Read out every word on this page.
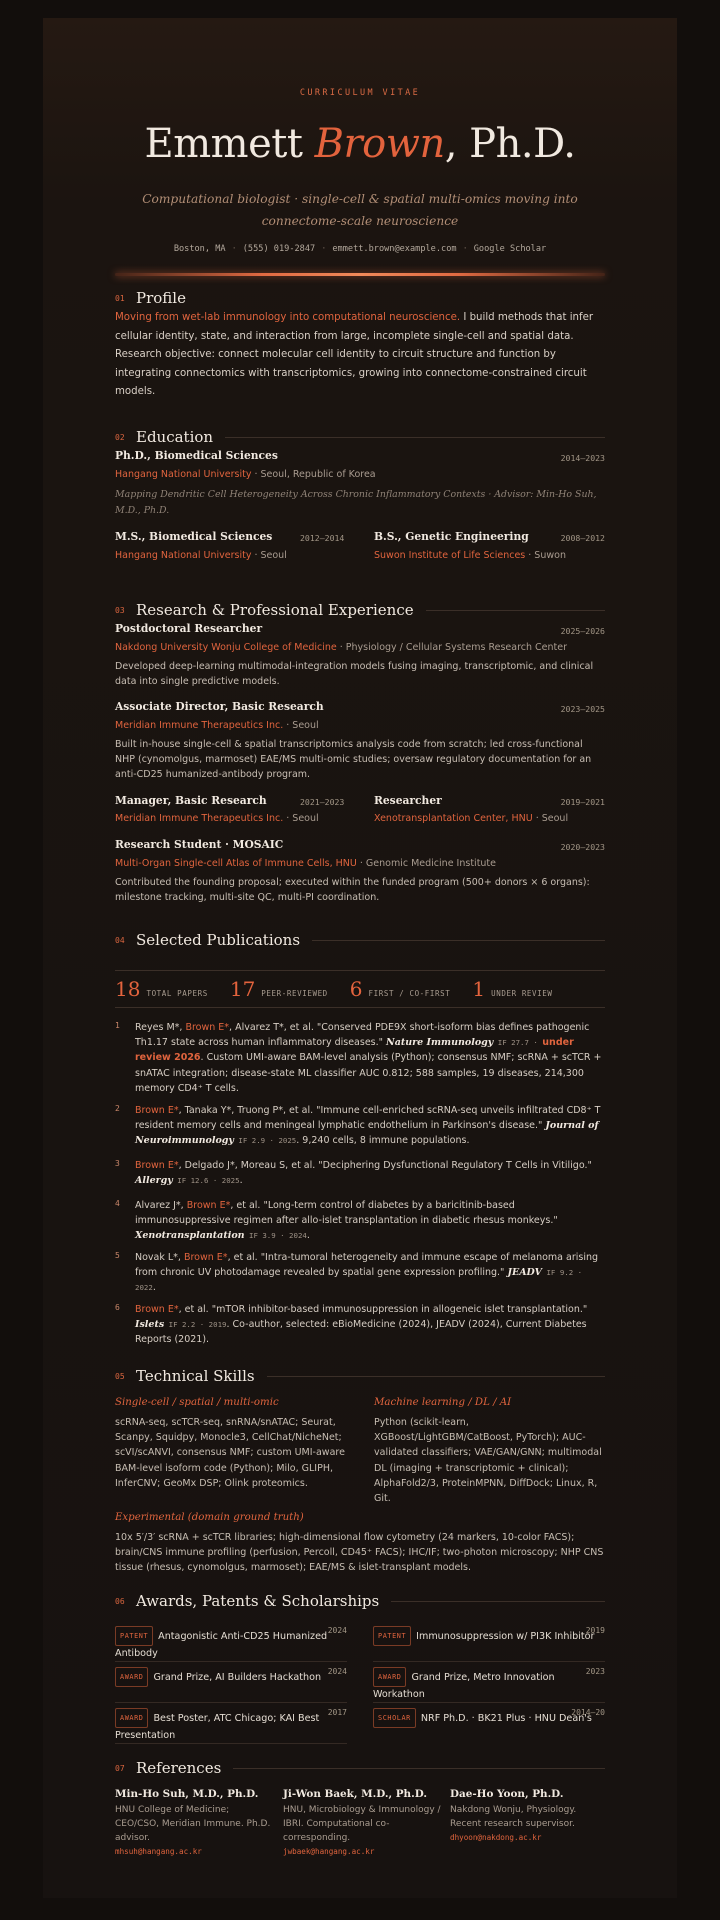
CURRICULUM VITAE
Emmett Brown, Ph.D.
Computational biologist · single-cell & spatial multi-omics moving into connectome-scale neuroscience
Boston, MA · (555) 019-2847 · emmett.brown@example.com · Google Scholar
01 Profile
Moving from wet-lab immunology into computational neuroscience. I build methods that infer cellular identity, state, and interaction from large, incomplete single-cell and spatial data. Research objective: connect molecular cell identity to circuit structure and function by integrating connectomics with transcriptomics, growing into connectome-constrained circuit models.
02 Education
Ph.D., Biomedical Sciences	2014–2023
Hangang National University · Seoul, Republic of Korea
Mapping Dendritic Cell Heterogeneity Across Chronic Inflammatory Contexts · Advisor: Min-Ho Suh, M.D., Ph.D.
M.S., Biomedical Sciences	2012–2014
Hangang National University · Seoul
B.S., Genetic Engineering	2008–2012
Suwon Institute of Life Sciences · Suwon
03 Research & Professional Experience
Postdoctoral Researcher	2025–2026
Nakdong University Wonju College of Medicine · Physiology / Cellular Systems Research Center
Developed deep-learning multimodal-integration models fusing imaging, transcriptomic, and clinical data into single predictive models.
Associate Director, Basic Research	2023–2025
Meridian Immune Therapeutics Inc. · Seoul
Built in-house single-cell & spatial transcriptomics analysis code from scratch; led cross-functional NHP (cynomolgus, marmoset) EAE/MS multi-omic studies; oversaw regulatory documentation for an anti-CD25 humanized-antibody program.
Manager, Basic Research	2021–2023
Meridian Immune Therapeutics Inc. · Seoul
Researcher	2019–2021
Xenotransplantation Center, HNU · Seoul
Research Student · MOSAIC	2020–2023
Multi-Organ Single-cell Atlas of Immune Cells, HNU · Genomic Medicine Institute
Contributed the founding proposal; executed within the funded program (500+ donors × 6 organs): milestone tracking, multi-site QC, multi-PI coordination.
04 Selected Publications
18 TOTAL PAPERS 17 PEER-REVIEWED 6 FIRST / CO-FIRST 1 UNDER REVIEW
1 Reyes M*, Brown E*, Alvarez T*, et al. "Conserved PDE9X short-isoform bias defines pathogenic Th1.17 state across human inflammatory diseases." Nature Immunology IF 27.7 · under review 2026. Custom UMI-aware BAM-level analysis (Python); consensus NMF; scRNA + scTCR + snATAC integration; disease-state ML classifier AUC 0.812; 588 samples, 19 diseases, 214,300 memory CD4⁺ T cells.
2 Brown E*, Tanaka Y*, Truong P*, et al. "Immune cell-enriched scRNA-seq unveils infiltrated CD8⁺ T resident memory cells and meningeal lymphatic endothelium in Parkinson's disease." Journal of Neuroimmunology IF 2.9 · 2025. 9,240 cells, 8 immune populations.
3 Brown E*, Delgado J*, Moreau S, et al. "Deciphering Dysfunctional Regulatory T Cells in Vitiligo." Allergy IF 12.6 · 2025.
4 Alvarez J*, Brown E*, et al. "Long-term control of diabetes by a baricitinib-based immunosuppressive regimen after allo-islet transplantation in diabetic rhesus monkeys." Xenotransplantation IF 3.9 · 2024.
5 Novak L*, Brown E*, et al. "Intra-tumoral heterogeneity and immune escape of melanoma arising from chronic UV photodamage revealed by spatial gene expression profiling." JEADV IF 9.2 · 2022.
6 Brown E*, et al. "mTOR inhibitor-based immunosuppression in allogeneic islet transplantation." Islets IF 2.2 · 2019. Co-author, selected: eBioMedicine (2024), JEADV (2024), Current Diabetes Reports (2021).
05 Technical Skills
Single-cell / spatial / multi-omic
scRNA-seq, scTCR-seq, snRNA/snATAC; Seurat, Scanpy, Squidpy, Monocle3, CellChat/NicheNet; scVI/scANVI, consensus NMF; custom UMI-aware BAM-level isoform code (Python); Milo, GLIPH, InferCNV; GeoMx DSP; Olink proteomics.
Machine learning / DL / AI
Python (scikit-learn, XGBoost/LightGBM/CatBoost, PyTorch); AUC-validated classifiers; VAE/GAN/GNN; multimodal DL (imaging + transcriptomic + clinical); AlphaFold2/3, ProteinMPNN, DiffDock; Linux, R, Git.
Experimental (domain ground truth)
10x 5′/3′ scRNA + scTCR libraries; high-dimensional flow cytometry (24 markers, 10-color FACS); brain/CNS immune profiling (perfusion, Percoll, CD45⁺ FACS); IHC/IF; two-photon microscopy; NHP CNS tissue (rhesus, cynomolgus, marmoset); EAE/MS & islet-transplant models.
06 Awards, Patents & Scholarships
PATENT Antagonistic Anti-CD25 Humanized Antibody
2024
PATENT Immunosuppression w/ PI3K Inhibitor
2019
AWARD Grand Prize, AI Builders Hackathon
2024
AWARD Grand Prize, Metro Innovation Workathon
2023
AWARD Best Poster, ATC Chicago; KAI Best Presentation
2017
SCHOLAR NRF Ph.D. · BK21 Plus · HNU Dean's
2014–20
07 References
Min-Ho Suh, M.D., Ph.D.
HNU College of Medicine; CEO/CSO, Meridian Immune. Ph.D. advisor.
mhsuh@hangang.ac.kr
Ji-Won Baek, M.D., Ph.D.
HNU, Microbiology & Immunology / IBRI. Computational co-corresponding.
jwbaek@hangang.ac.kr
Dae-Ho Yoon, Ph.D.
Nakdong Wonju, Physiology. Recent research supervisor.
dhyoon@nakdong.ac.kr
